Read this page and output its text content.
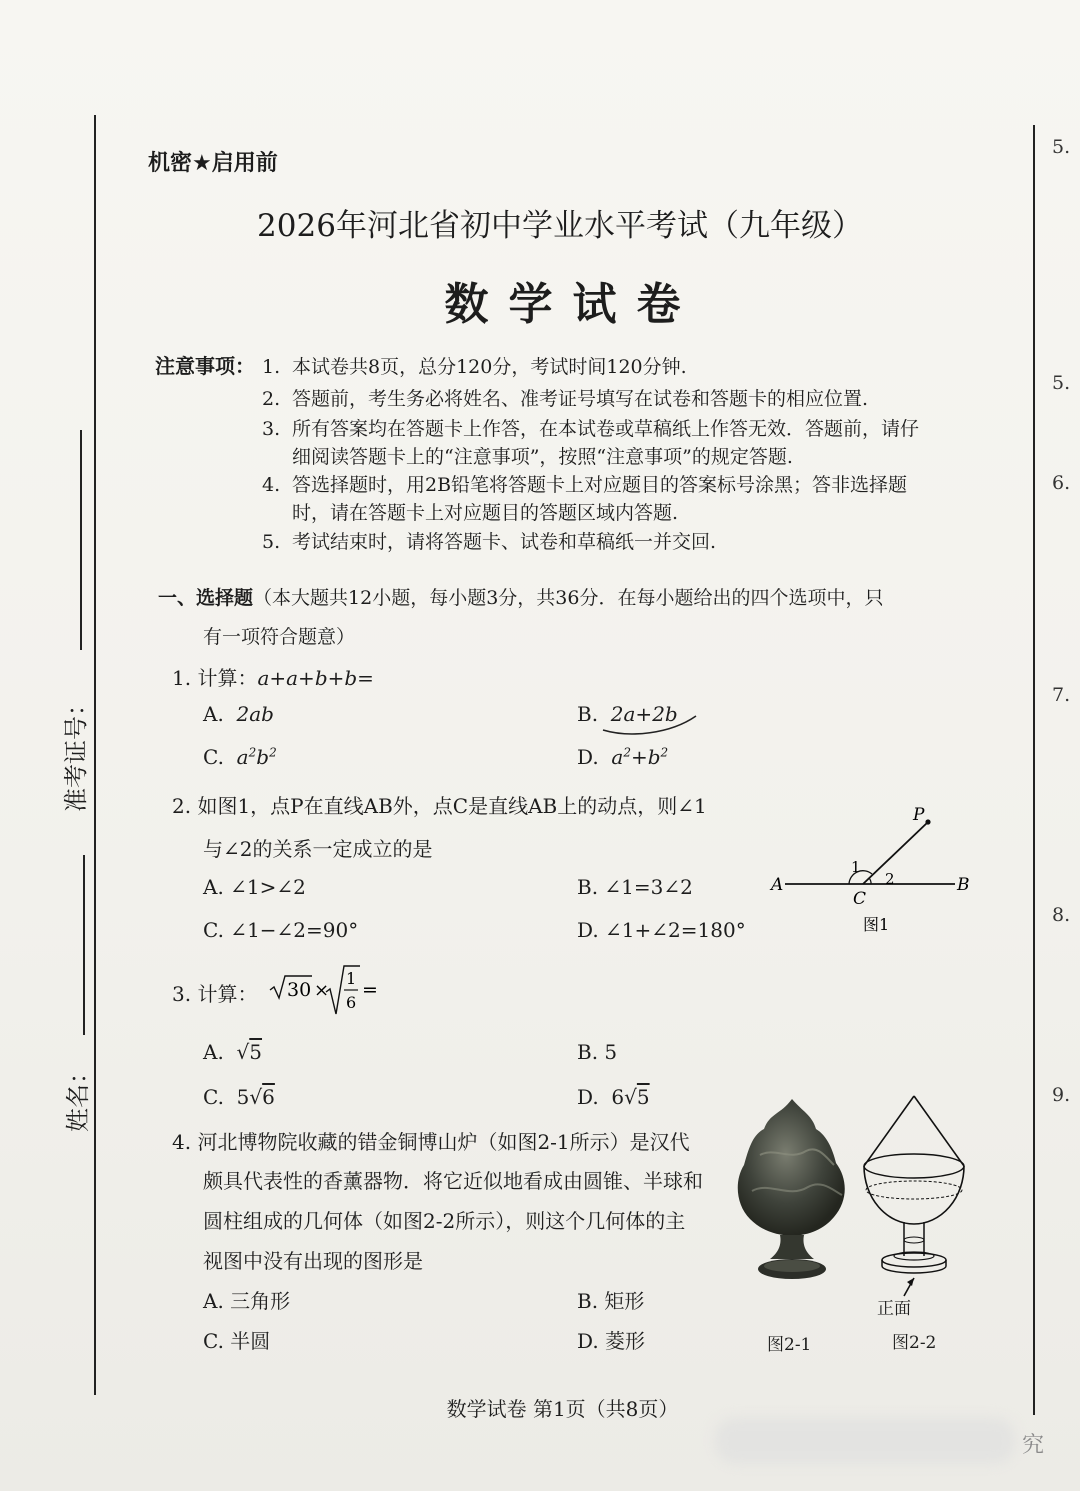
准考证号：
姓名：
机密★启用前
2026年河北省初中学业水平考试（九年级）
数学试卷
注意事项： 1. 本试卷共8页，总分120分，考试时间120分钟.
2. 答题前，考生务必将姓名、准考证号填写在试卷和答题卡的相应位置.
3. 所有答案均在答题卡上作答，在本试卷或草稿纸上作答无效．答题前，请仔
细阅读答题卡上的“注意事项”，按照“注意事项”的规定答题.
4. 答选择题时，用2B铅笔将答题卡上对应题目的答案标号涂黑；答非选择题
时，请在答题卡上对应题目的答题区域内答题.
5. 考试结束时，请将答题卡、试卷和草稿纸一并交回.
一、选择题（本大题共12小题，每小题3分，共36分．在每小题给出的四个选项中，只
有一项符合题意）
1. 计算：a+a+b+b=
A. 2ab	B. 2a+2b
C. $a^2b^2$	D. $a^2+b^2$
2. 如图1，点P在直线AB外，点C是直线AB上的动点，则∠1
与∠2的关系一定成立的是
A. ∠1>∠2	B. ∠1=3∠2
C. ∠1−∠2=90°	D. ∠1+∠2=180°
P
A	B
C
1
2
图1
3. 计算： 30 ×
1
6
=
A.  √5	B. 5
C. 5√6	D. 6√5
4. 河北博物院收藏的错金铜博山炉（如图2-1所示）是汉代
颇具代表性的香薰器物．将它近似地看成由圆锥、半球和
圆柱组成的几何体（如图2-2所示），则这个几何体的主
视图中没有出现的图形是
A. 三角形	B. 矩形
C. 半圆	D. 菱形	图2-1
正面
图2-2
5.
5.
6.
7.
8.
9.
数学试卷 第1页（共8页）
究
